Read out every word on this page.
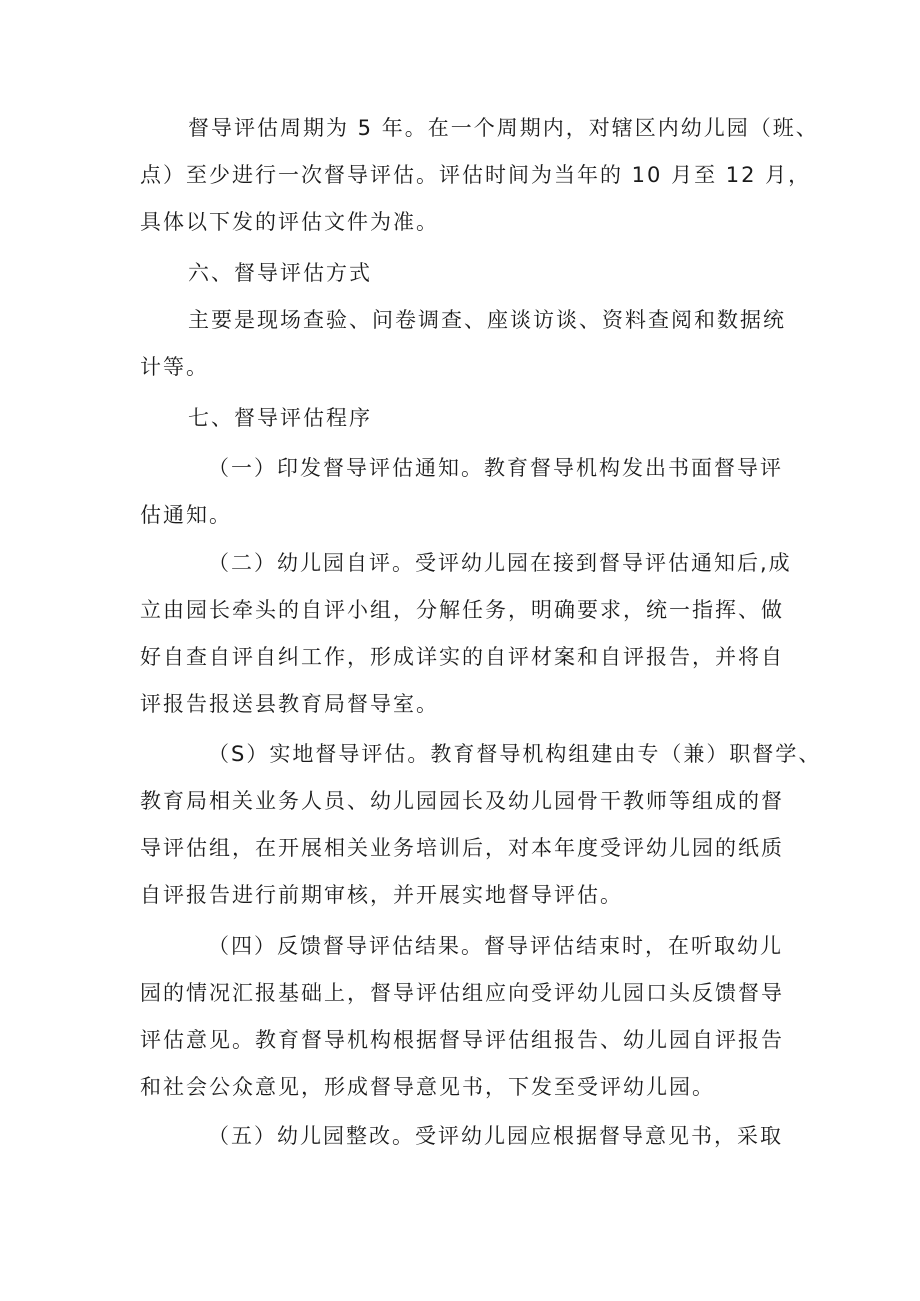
督导评估周期为 5 年。在一个周期内，对辖区内幼儿园（班、
点）至少进行一次督导评估。评估时间为当年的 10 月至 12 月，
具体以下发的评估文件为准。
六、督导评估方式
主要是现场查验、问卷调查、座谈访谈、资料查阅和数据统
计等。
七、督导评估程序
（一）印发督导评估通知。教育督导机构发出书面督导评
估通知。
（二）幼儿园自评。受评幼儿园在接到督导评估通知后,成
立由园长牵头的自评小组，分解任务，明确要求，统一指挥、做
好自查自评自纠工作，形成详实的自评材案和自评报告，并将自
评报告报送县教育局督导室。
（S）实地督导评估。教育督导机构组建由专（兼）职督学、
教育局相关业务人员、幼儿园园长及幼儿园骨干教师等组成的督
导评估组，在开展相关业务培训后，对本年度受评幼儿园的纸质
自评报告进行前期审核，并开展实地督导评估。
（四）反馈督导评估结果。督导评估结束时，在听取幼儿
园的情况汇报基础上，督导评估组应向受评幼儿园口头反馈督导
评估意见。教育督导机构根据督导评估组报告、幼儿园自评报告
和社会公众意见，形成督导意见书，下发至受评幼儿园。
（五）幼儿园整改。受评幼儿园应根据督导意见书，采取
